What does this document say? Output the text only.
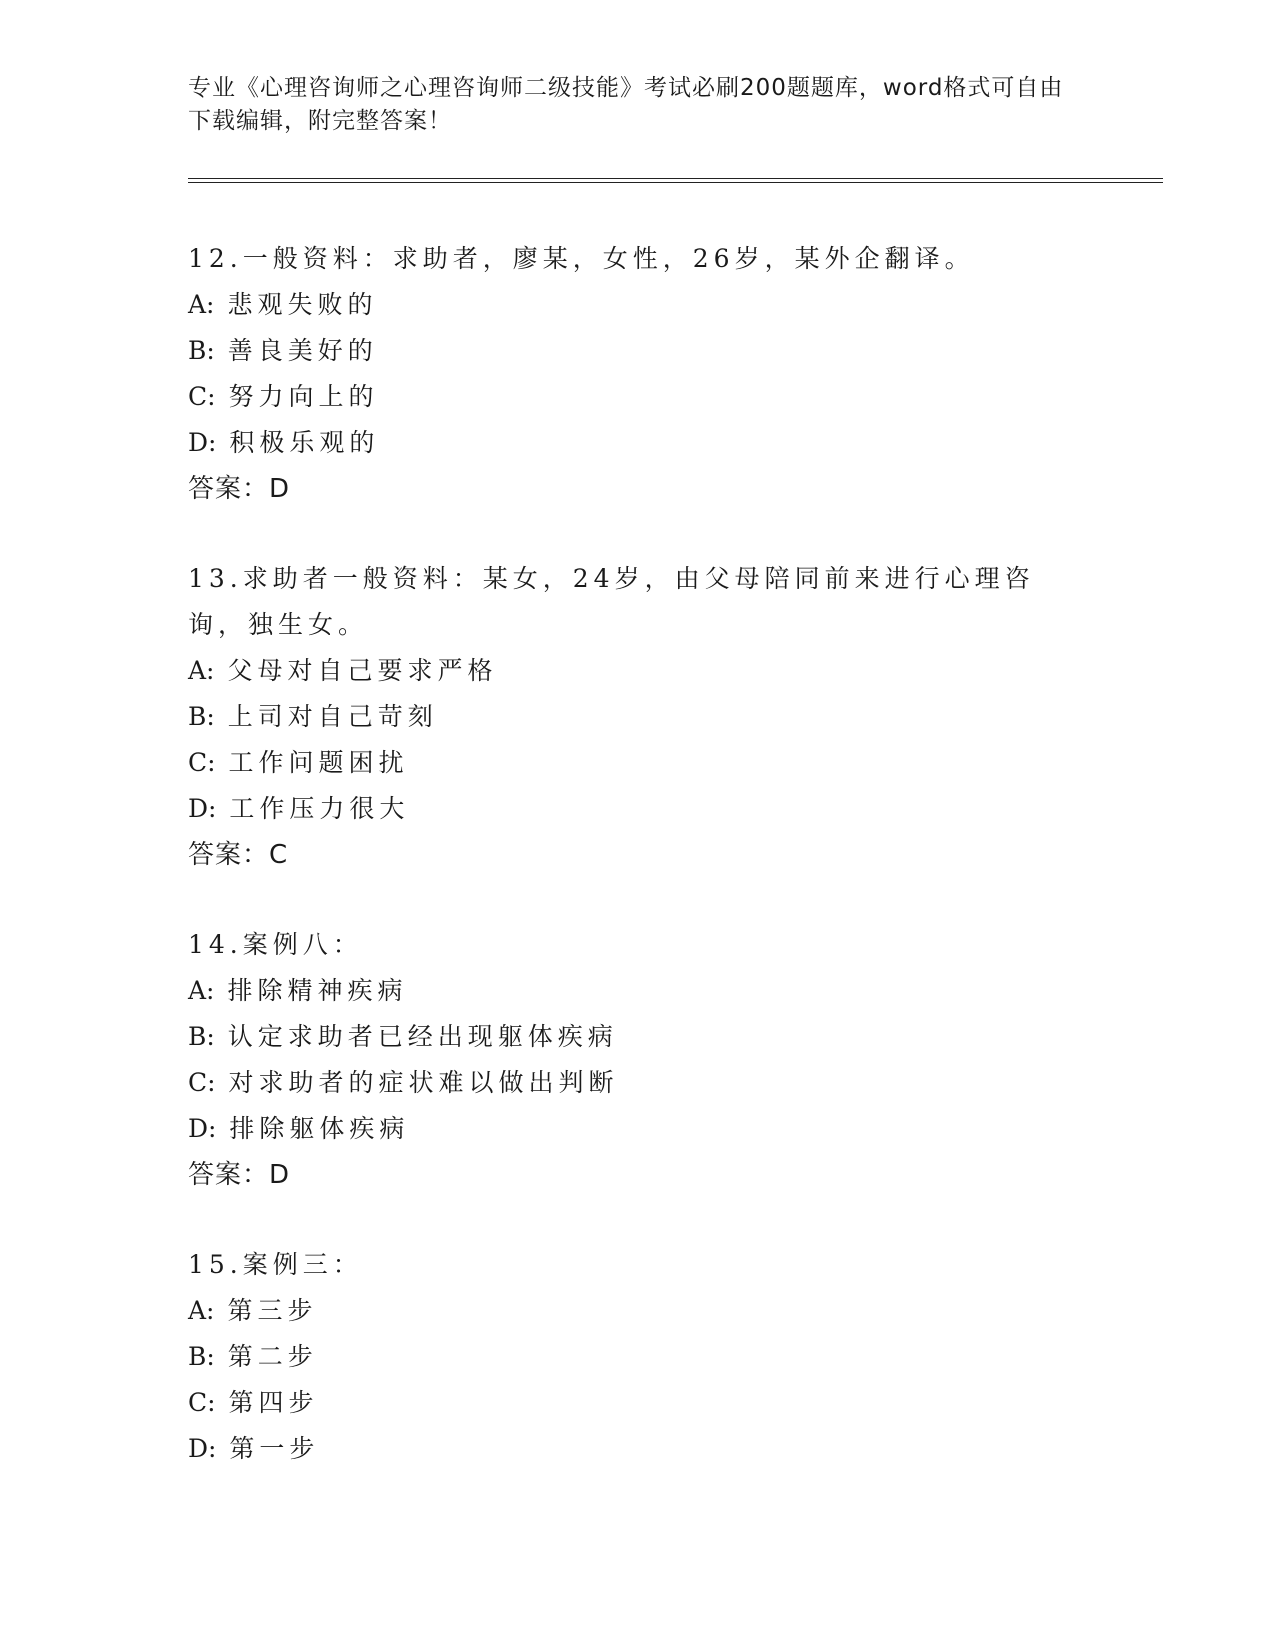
专业《心理咨询师之心理咨询师二级技能》考试必刷200题题库，word格式可自由下载编辑，附完整答案！
12.一般资料：求助者，廖某，女性，26岁，某外企翻译。
A: 悲观失败的
B: 善良美好的
C: 努力向上的
D: 积极乐观的
答案：D
13.求助者一般资料：某女，24岁，由父母陪同前来进行心理咨询，独生女。
A: 父母对自己要求严格
B: 上司对自己苛刻
C: 工作问题困扰
D: 工作压力很大
答案：C
14.案例八：
A: 排除精神疾病
B: 认定求助者已经出现躯体疾病
C: 对求助者的症状难以做出判断
D: 排除躯体疾病
答案：D
15.案例三：
A: 第三步
B: 第二步
C: 第四步
D: 第一步
